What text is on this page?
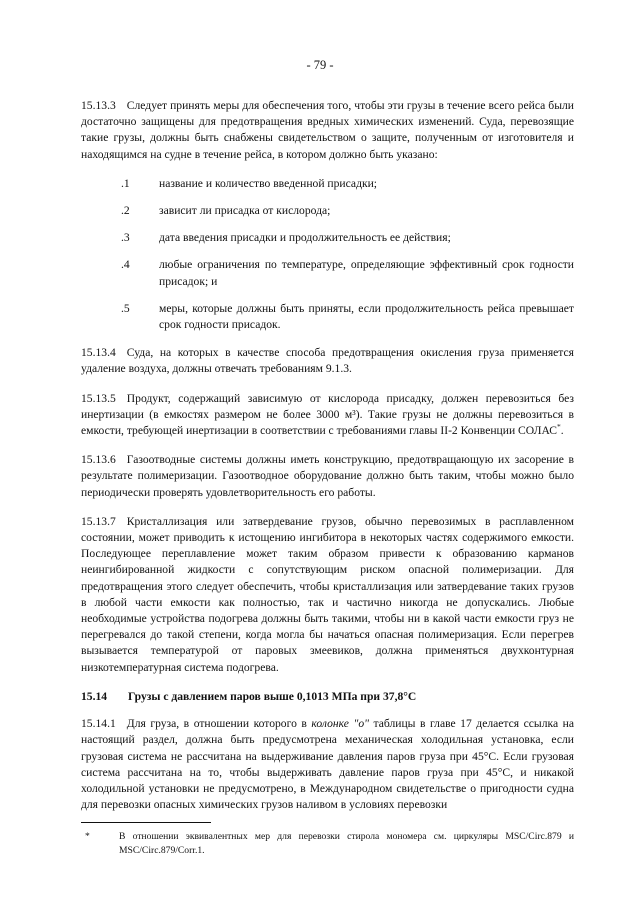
- 79 -

15.13.3 Следует принять меры для обеспечения того, чтобы эти грузы в течение всего рейса были достаточно защищены для предотвращения вредных химических изменений. Суда, перевозящие такие грузы, должны быть снабжены свидетельством о защите, полученным от изготовителя и находящимся на судне в течение рейса, в котором должно быть указано:

.1	название и количество введенной присадки;
.2	зависит ли присадка от кислорода;
.3	дата введения присадки и продолжительность ее действия;
.4	любые ограничения по температуре, определяющие эффективный срок годности присадок; и
.5	меры, которые должны быть приняты, если продолжительность рейса превышает срок годности присадок.

15.13.4 Суда, на которых в качестве способа предотвращения окисления груза применяется удаление воздуха, должны отвечать требованиям 9.1.3.

15.13.5 Продукт, содержащий зависимую от кислорода присадку, должен перевозиться без инертизации (в емкостях размером не более 3000 м³). Такие грузы не должны перевозиться в емкости, требующей инертизации в соответствии с требованиями главы II-2 Конвенции СОЛАС*.

15.13.6 Газоотводные системы должны иметь конструкцию, предотвращающую их засорение в результате полимеризации. Газоотводное оборудование должно быть таким, чтобы можно было периодически проверять удовлетворительность его работы.

15.13.7 Кристаллизация или затвердевание грузов, обычно перевозимых в расплавленном состоянии, может приводить к истощению ингибитора в некоторых частях содержимого емкости. Последующее переплавление может таким образом привести к образованию карманов неингибированной жидкости с сопутствующим риском опасной полимеризации. Для предотвращения этого следует обеспечить, чтобы кристаллизация или затвердевание таких грузов в любой части емкости как полностью, так и частично никогда не допускались. Любые необходимые устройства подогрева должны быть такими, чтобы ни в какой части емкости груз не перегревался до такой степени, когда могла бы начаться опасная полимеризация. Если перегрев вызывается температурой от паровых змеевиков, должна применяться двухконтурная низкотемпературная система подогрева.

15.14	Грузы с давлением паров выше 0,1013 МПа при 37,8°С

15.14.1 Для груза, в отношении которого в колонке "о" таблицы в главе 17 делается ссылка на настоящий раздел, должна быть предусмотрена механическая холодильная установка, если грузовая система не рассчитана на выдерживание давления паров груза при 45°С. Если грузовая система рассчитана на то, чтобы выдерживать давление паров груза при 45°С, и никакой холодильной установки не предусмотрено, в Международном свидетельстве о пригодности судна для перевозки опасных химических грузов наливом в условиях перевозки

*	В отношении эквивалентных мер для перевозки стирола мономера см. циркуляры MSC/Circ.879 и MSC/Circ.879/Corr.1.
